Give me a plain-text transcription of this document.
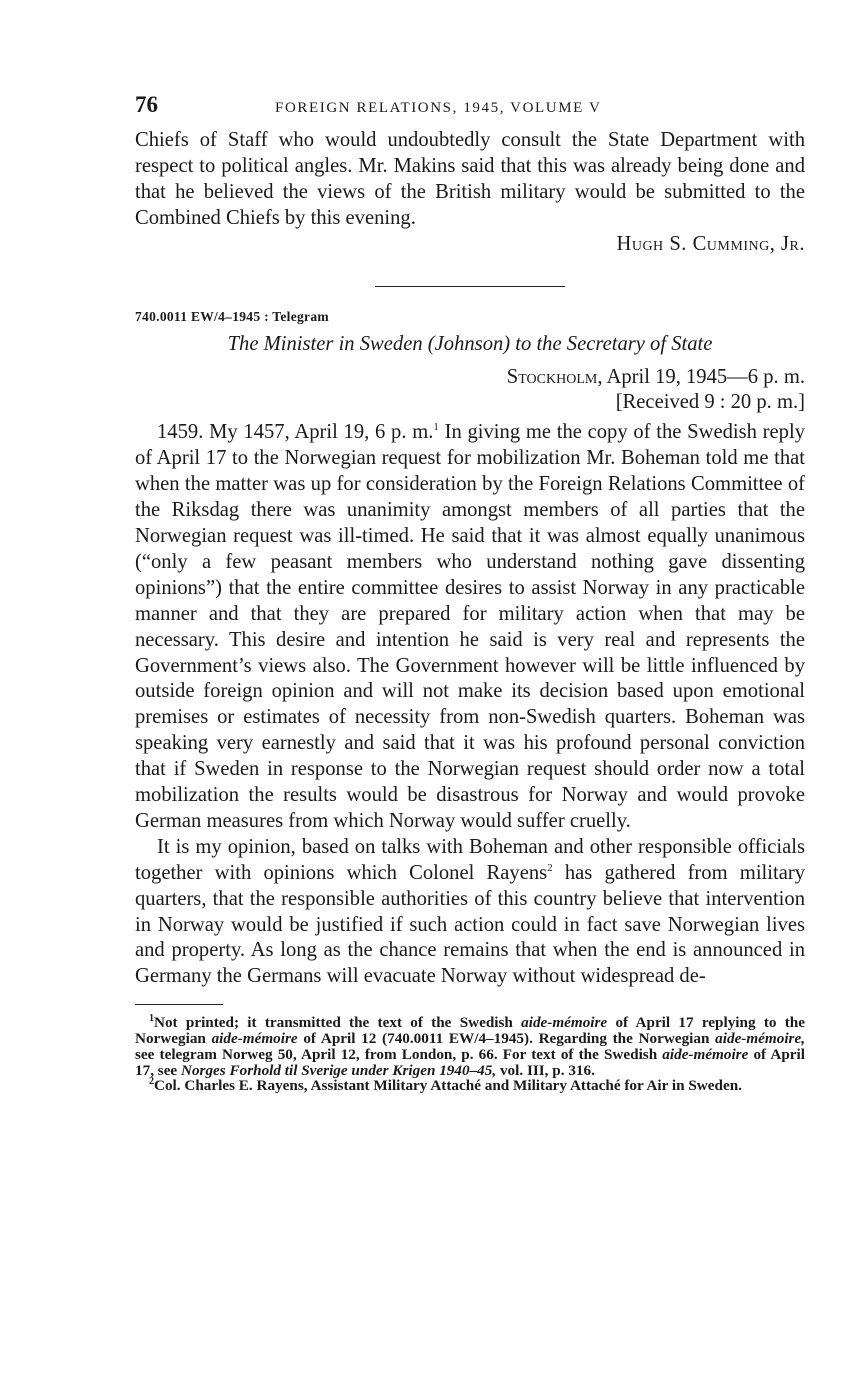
76	FOREIGN RELATIONS, 1945, VOLUME V

Chiefs of Staff who would undoubtedly consult the State Department with respect to political angles. Mr. Makins said that this was already being done and that he believed the views of the British military would be submitted to the Combined Chiefs by this evening.

Hugh S. Cumming, Jr.
740.0011 EW/4–1945 : Telegram
The Minister in Sweden (Johnson) to the Secretary of State
Stockholm, April 19, 1945—6 p. m.
[Received 9 : 20 p. m.]

1459. My 1457, April 19, 6 p. m.$^1$ In giving me the copy of the Swedish reply of April 17 to the Norwegian request for mobilization Mr. Boheman told me that when the matter was up for consideration by the Foreign Relations Committee of the Riksdag there was unanimity amongst members of all parties that the Norwegian request was ill-timed. He said that it was almost equally unanimous (“only a few peasant members who understand nothing gave dissenting opinions”) that the entire committee desires to assist Norway in any practicable manner and that they are prepared for military action when that may be necessary. This desire and intention he said is very real and represents the Government’s views also. The Government however will be little influenced by outside foreign opinion and will not make its decision based upon emotional premises or estimates of necessity from non-Swedish quarters. Boheman was speaking very earnestly and said that it was his profound personal conviction that if Sweden in response to the Norwegian request should order now a total mobilization the results would be disastrous for Norway and would provoke German measures from which Norway would suffer cruelly.

It is my opinion, based on talks with Boheman and other responsible officials together with opinions which Colonel Rayens$^2$ has gathered from military quarters, that the responsible authorities of this country believe that intervention in Norway would be justified if such action could in fact save Norwegian lives and property. As long as the chance remains that when the end is announced in Germany the Germans will evacuate Norway without widespread de-

$^1$Not printed; it transmitted the text of the Swedish aide-mémoire of April 17 replying to the Norwegian aide-mémoire of April 12 (740.0011 EW/4–1945). Regarding the Norwegian aide-mémoire, see telegram Norweg 50, April 12, from London, p. 66. For text of the Swedish aide-mémoire of April 17, see Norges Forhold til Sverige under Krigen 1940–45, vol. III, p. 316.

$^2$Col. Charles E. Rayens, Assistant Military Attaché and Military Attaché for Air in Sweden.
